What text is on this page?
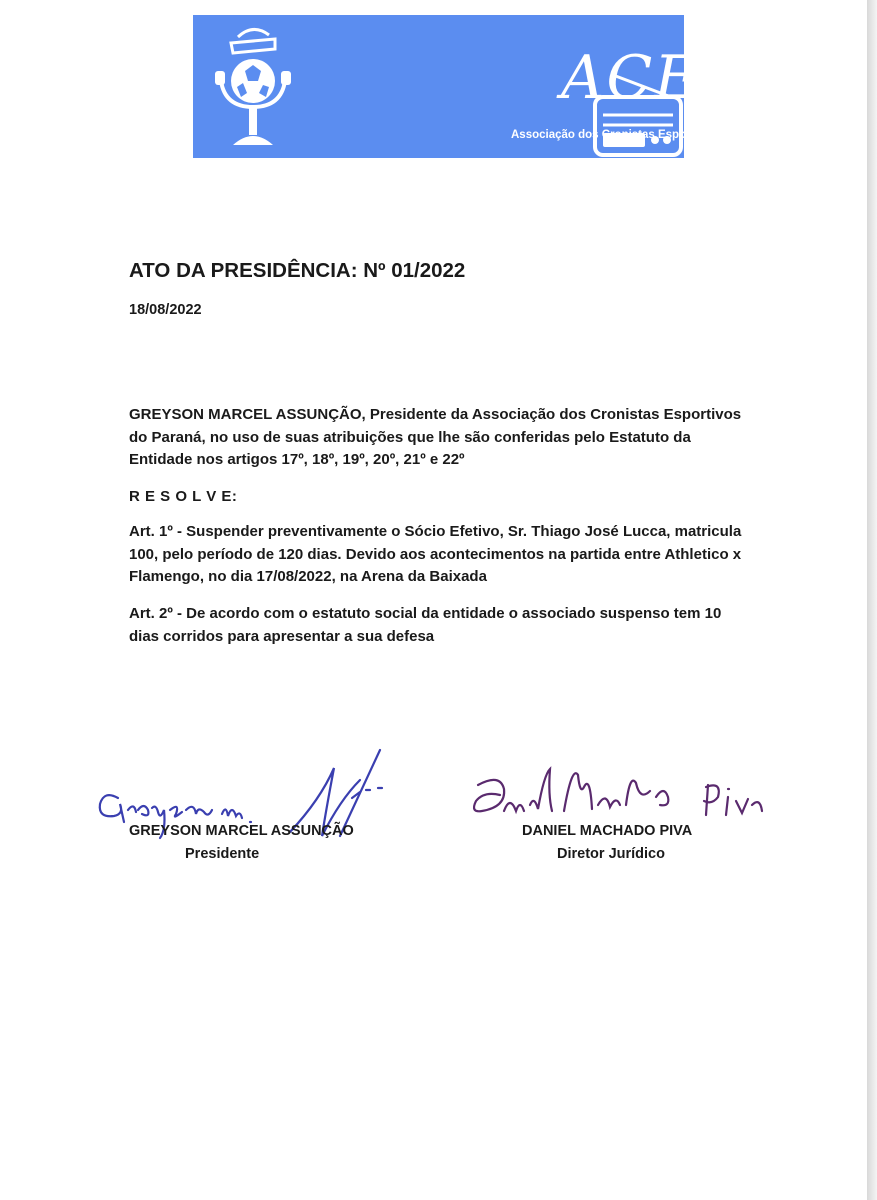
ACEP
Associação dos Cronistas Esportivos do Paraná
ATO DA PRESIDÊNCIA: Nº 01/2022
18/08/2022

GREYSON MARCEL ASSUNÇÃO, Presidente da Associação dos Cronistas Esportivos do Paraná, no uso de suas atribuições que lhe são conferidas pelo Estatuto da Entidade nos artigos 17º, 18º, 19º, 20º, 21º e 22º

R E S O L V E:

Art. 1º - Suspender preventivamente o Sócio Efetivo, Sr. Thiago José Lucca, matricula 100, pelo período de 120 dias. Devido aos acontecimentos na partida entre Athletico x Flamengo, no dia 17/08/2022, na Arena da Baixada

Art. 2º - De acordo com o estatuto social da entidade o associado suspenso tem 10 dias corridos para apresentar a sua defesa

GREYSON MARCEL ASSUNÇÃO
Presidente
DANIEL MACHADO PIVA
Diretor Jurídico
